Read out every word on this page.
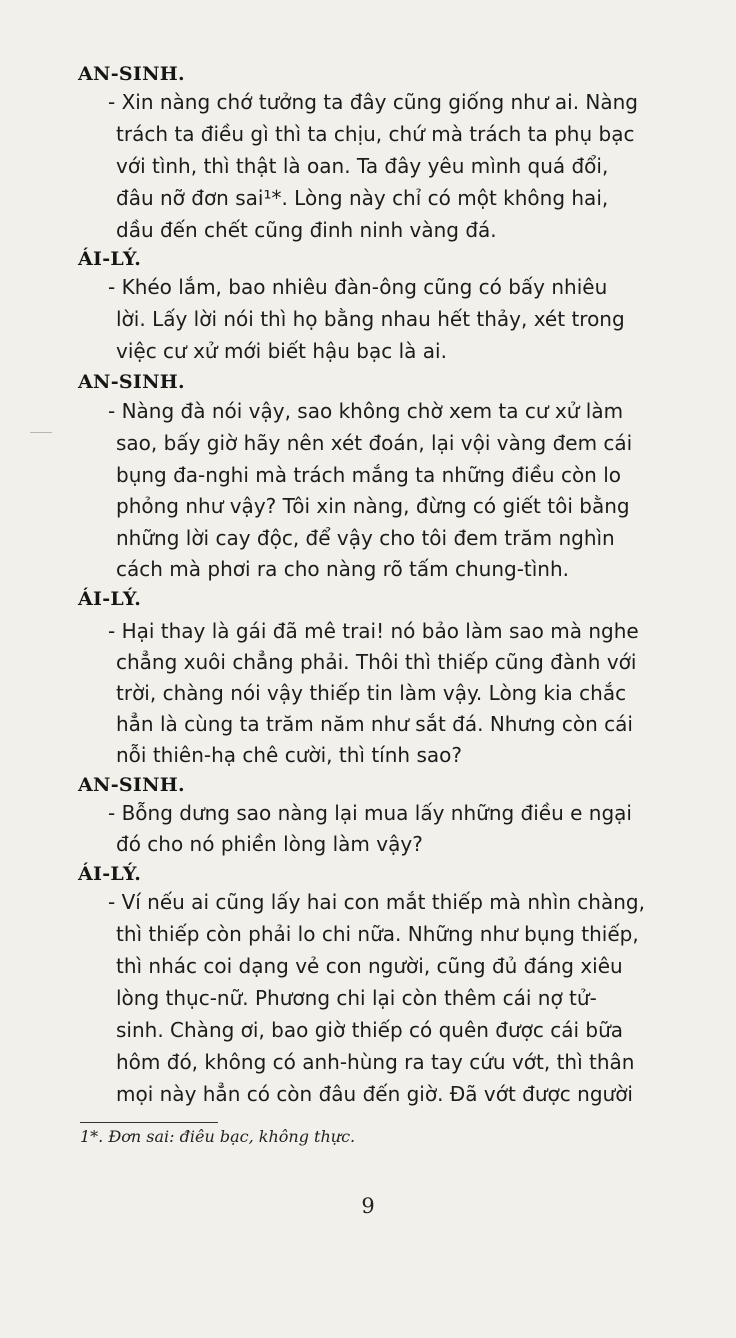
AN-SINH.
- Xin nàng chớ tưởng ta đây cũng giống như ai. Nàng
trách ta điều gì thì ta chịu, chứ mà trách ta phụ bạc
với tình, thì thật là oan. Ta đây yêu mình quá đổi,
đâu nỡ đơn sai¹*. Lòng này chỉ có một không hai,
dầu đến chết cũng đinh ninh vàng đá.
ÁI-LÝ.
- Khéo lắm, bao nhiêu đàn-ông cũng có bấy nhiêu
lời. Lấy lời nói thì họ bằng nhau hết thảy, xét trong
việc cư xử mới biết hậu bạc là ai.
AN-SINH.
- Nàng đà nói vậy, sao không chờ xem ta cư xử làm
sao, bấy giờ hãy nên xét đoán, lại vội vàng đem cái
bụng đa-nghi mà trách mắng ta những điều còn lo
phỏng như vậy? Tôi xin nàng, đừng có giết tôi bằng
những lời cay độc, để vậy cho tôi đem trăm nghìn
cách mà phơi ra cho nàng rõ tấm chung-tình.
ÁI-LÝ.
- Hại thay là gái đã mê trai! nó bảo làm sao mà nghe
chẳng xuôi chẳng phải. Thôi thì thiếp cũng đành với
trời, chàng nói vậy thiếp tin làm vậy. Lòng kia chắc
hẳn là cùng ta trăm năm như sắt đá. Nhưng còn cái
nỗi thiên-hạ chê cười, thì tính sao?
AN-SINH.
- Bỗng dưng sao nàng lại mua lấy những điều e ngại
đó cho nó phiền lòng làm vậy?
ÁI-LÝ.
- Ví nếu ai cũng lấy hai con mắt thiếp mà nhìn chàng,
thì thiếp còn phải lo chi nữa. Những như bụng thiếp,
thì nhác coi dạng vẻ con người, cũng đủ đáng xiêu
lòng thục-nữ. Phương chi lại còn thêm cái nợ tử-
sinh. Chàng ơi, bao giờ thiếp có quên được cái bữa
hôm đó, không có anh-hùng ra tay cứu vớt, thì thân
mọi này hẳn có còn đâu đến giờ. Đã vớt được người
1*. Đơn sai: điêu bạc, không thực.
9
